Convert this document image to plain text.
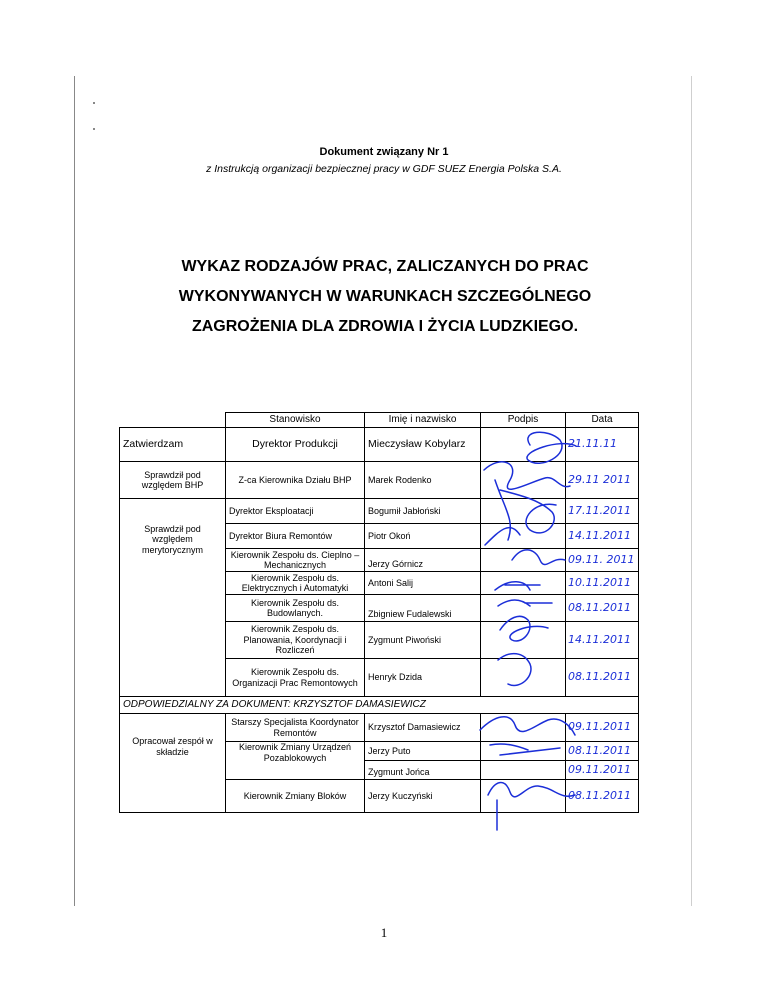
Dokument związany Nr 1
z Instrukcją organizacji bezpiecznej pracy w GDF SUEZ Energia Polska S.A.
WYKAZ RODZAJÓW PRAC, ZALICZANYCH DO PRAC
WYKONYWANYCH W WARUNKACH SZCZEGÓLNEGO
ZAGROŻENIA DLA ZDROWIA I ŻYCIA LUDZKIEGO.
	Stanowisko	Imię i nazwisko	Podpis	Data
Zatwierdzam	Dyrektor Produkcji	Mieczysław Kobylarz		21.11.11
Sprawdził pod względem BHP	Z-ca Kierownika Działu BHP	Marek Rodenko		29.11 2011
	Dyrektor Eksploatacji	Bogumił Jabłoński		17.11.2011
Sprawdził pod względem merytorycznym	Dyrektor Biura Remontów	Piotr Okoń		14.11.2011
	Kierownik Zespołu ds. Cieplno – Mechanicznych	Jerzy Górnicz		09.11. 2011
	Kierownik Zespołu ds. Elektrycznych i Automatyki	Antoni Salij		10.11.2011
	Kierownik Zespołu ds. Budowlanych.	Zbigniew Fudalewski		08.11.2011
	Kierownik Zespołu ds. Planowania, Koordynacji i Rozliczeń	Zygmunt Piwoński		14.11.2011
	Kierownik Zespołu ds. Organizacji Prac Remontowych	Henryk Dzida		08.11.2011
ODPOWIEDZIALNY ZA DOKUMENT: KRZYSZTOF DAMASIEWICZ				
Opracował zespół w składzie	Starszy Specjalista Koordynator Remontów	Krzysztof Damasiewicz		09.11.2011
	Kierownik Zmiany Urządzeń Pozablokowych	Jerzy Puto		08.11.2011
		Zygmunt Jońca		09.11.2011
	Kierownik Zmiany Bloków	Jerzy Kuczyński		08.11.2011
1
